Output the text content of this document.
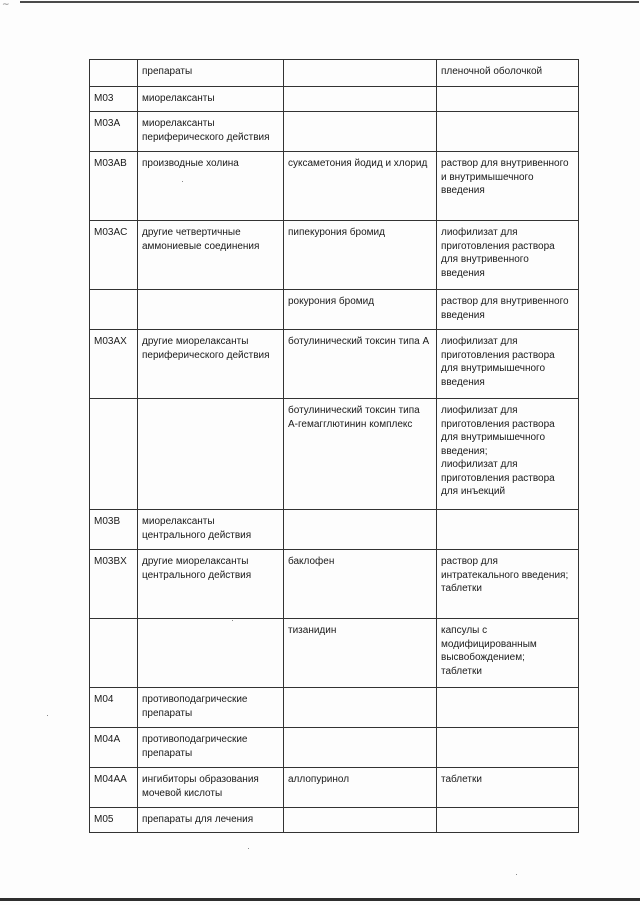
~
	препараты		пленочной оболочкой
M03	миорелаксанты		
M03A	миорелаксанты периферического действия		
M03AB	производные холина	суксаметония йодид и хлорид	раствор для внутривенного и внутримышечного введения
M03AC	другие четвертичные аммониевые соединения	пипекурония бромид	лиофилизат для приготовления раствора для внутривенного введения
		рокурония бромид	раствор для внутривенного введения
M03AX	другие миорелаксанты периферического действия	ботулинический токсин типа А	лиофилизат для приготовления раствора для внутримышечного введения
		ботулинический токсин типа А-гемагглютинин комплекс	лиофилизат для приготовления раствора для внутримышечного введения;
лиофилизат для приготовления раствора для инъекций
M03B	миорелаксанты центрального действия		
M03BX	другие миорелаксанты центрального действия	баклофен	раствор для интратекального введения;
таблетки
		тизанидин	капсулы с модифицированным высвобождением;
таблетки
M04	противоподагрические препараты		
M04A	противоподагрические препараты		
M04AA	ингибиторы образования мочевой кислоты	аллопуринол	таблетки
M05	препараты для лечения		
